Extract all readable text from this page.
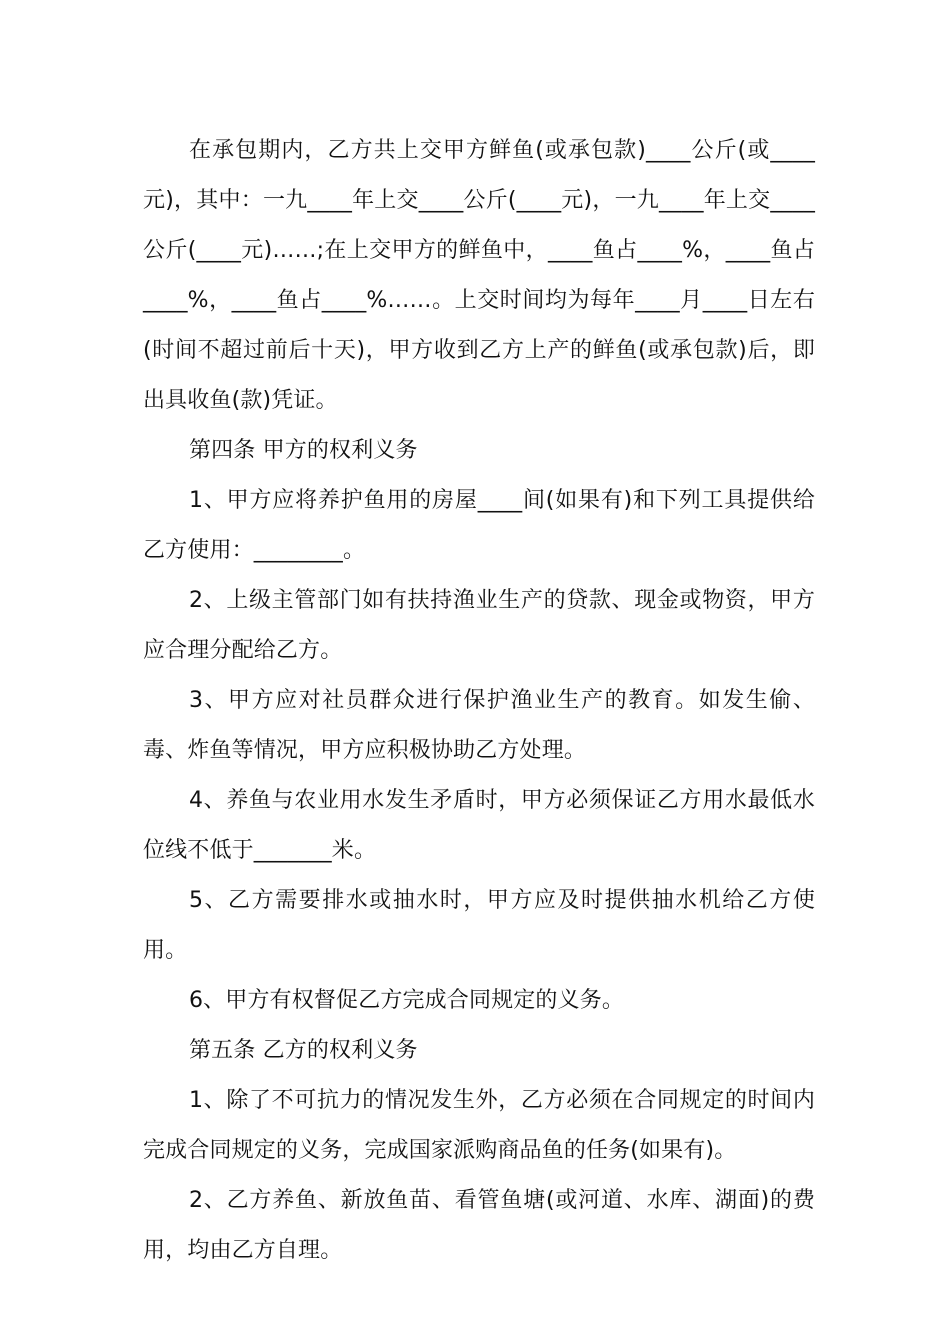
在承包期内，乙方共上交甲方鲜鱼(或承包款)____公斤(或____元)，其中：一九____年上交____公斤(____元)，一九____年上交____公斤(____元)……;在上交甲方的鲜鱼中，____鱼占____%，____鱼占____%，____鱼占____%……。上交时间均为每年____月____日左右(时间不超过前后十天)，甲方收到乙方上产的鲜鱼(或承包款)后，即出具收鱼(款)凭证。

第四条 甲方的权利义务

1、甲方应将养护鱼用的房屋____间(如果有)和下列工具提供给乙方使用：________。

2、上级主管部门如有扶持渔业生产的贷款、现金或物资，甲方应合理分配给乙方。

3、甲方应对社员群众进行保护渔业生产的教育。如发生偷、毒、炸鱼等情况，甲方应积极协助乙方处理。

4、养鱼与农业用水发生矛盾时，甲方必须保证乙方用水最低水位线不低于_______米。

5、乙方需要排水或抽水时，甲方应及时提供抽水机给乙方使用。

6、甲方有权督促乙方完成合同规定的义务。

第五条 乙方的权利义务

1、除了不可抗力的情况发生外，乙方必须在合同规定的时间内完成合同规定的义务，完成国家派购商品鱼的任务(如果有)。

2、乙方养鱼、新放鱼苗、看管鱼塘(或河道、水库、湖面)的费用，均由乙方自理。
